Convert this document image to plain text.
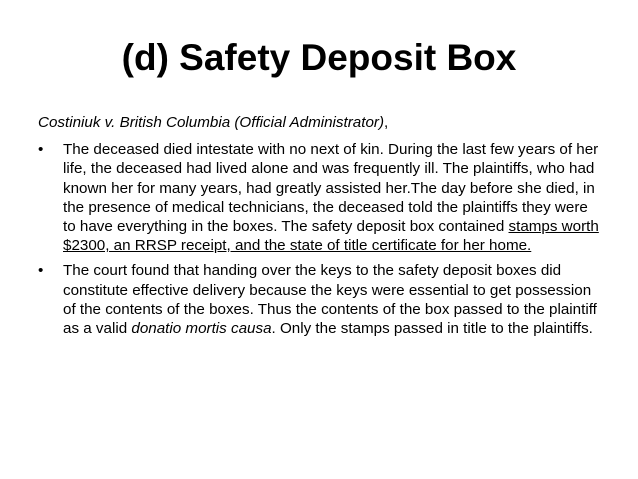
(d) Safety Deposit Box
Costiniuk v. British Columbia (Official Administrator),
• The deceased died intestate with no next of kin. During the last few years of her life, the deceased had lived alone and was frequently ill. The plaintiffs, who had known her for many years, had greatly assisted her.The day before she died, in the presence of medical technicians, the deceased told the plaintiffs they were to have everything in the boxes. The safety deposit box contained stamps worth $2300, an RRSP receipt, and the state of title certificate for her home.
• The court found that handing over the keys to the safety deposit boxes did constitute effective delivery because the keys were essential to get possession of the contents of the boxes. Thus the contents of the box passed to the plaintiff as a valid donatio mortis causa. Only the stamps passed in title to the plaintiffs.
